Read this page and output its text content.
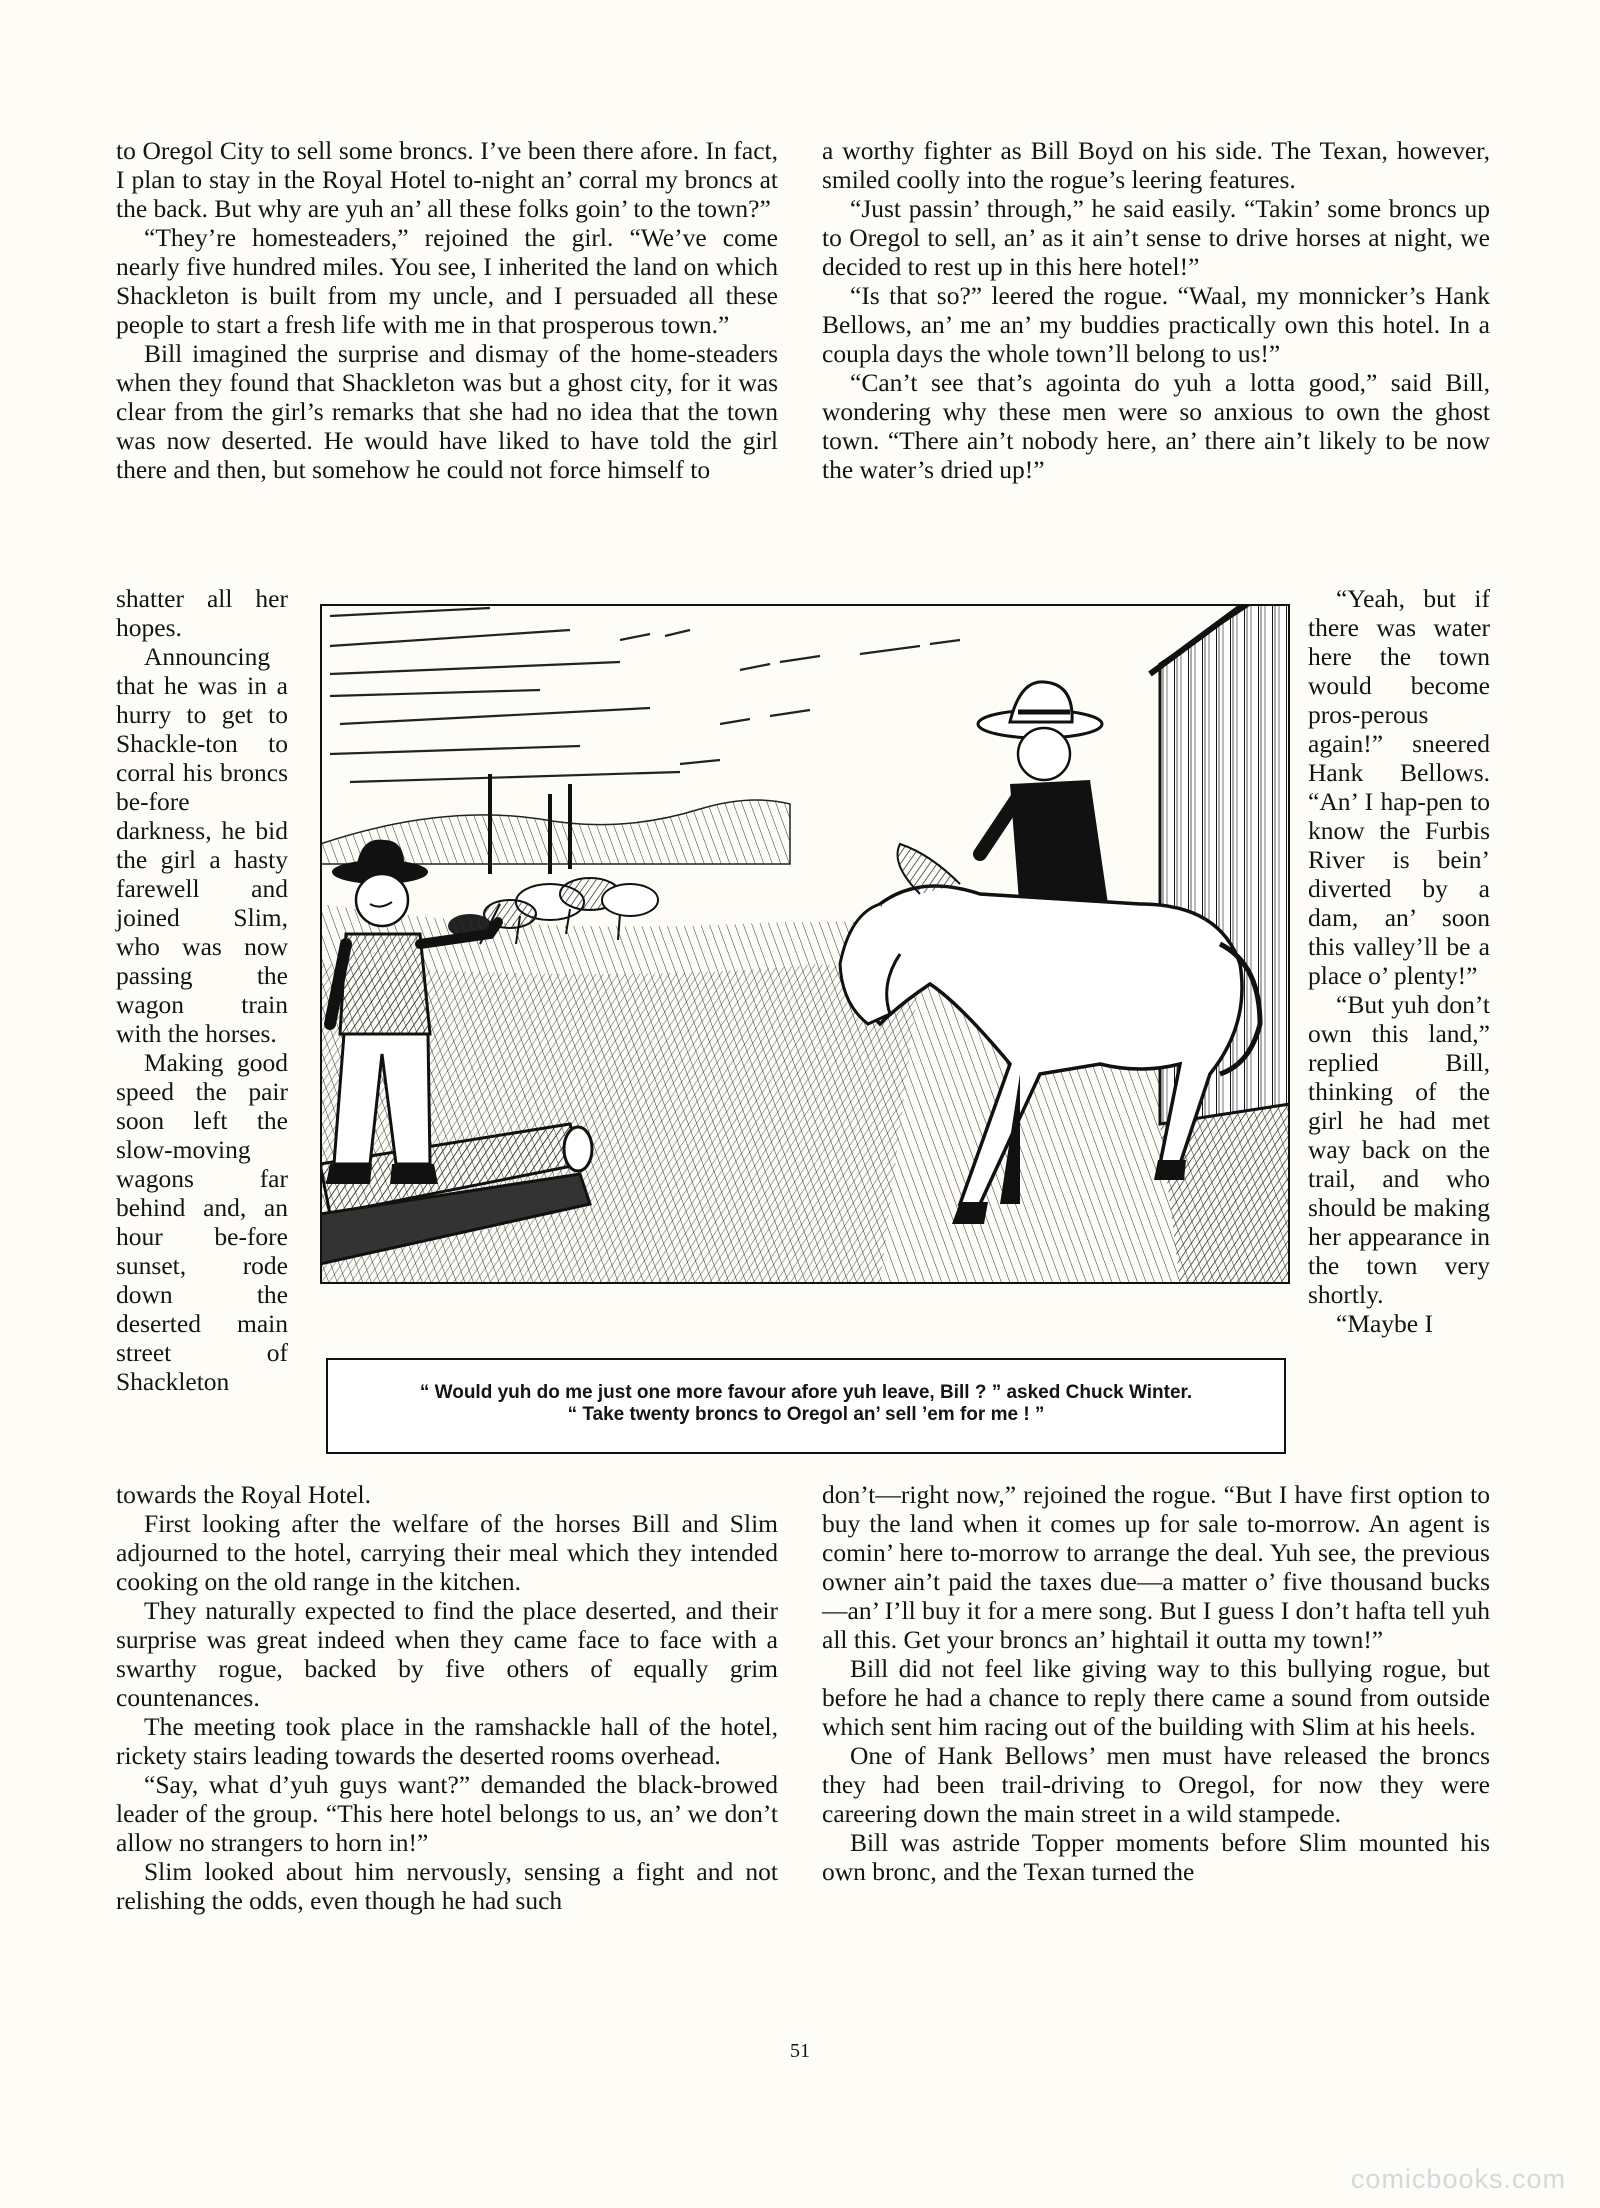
to Oregol City to sell some broncs. I’ve been there afore. In fact, I plan to stay in the Royal Hotel to-night an’ corral my broncs at the back. But why are yuh an’ all these folks goin’ to the town?”

“They’re homesteaders,” rejoined the girl. “We’ve come nearly five hundred miles. You see, I inherited the land on which Shackleton is built from my uncle, and I persuaded all these people to start a fresh life with me in that prosperous town.”

Bill imagined the surprise and dismay of the home-steaders when they found that Shackleton was but a ghost city, for it was clear from the girl’s remarks that she had no idea that the town was now deserted. He would have liked to have told the girl there and then, but somehow he could not force himself to

a worthy fighter as Bill Boyd on his side. The Texan, however, smiled coolly into the rogue’s leering features.

“Just passin’ through,” he said easily. “Takin’ some broncs up to Oregol to sell, an’ as it ain’t sense to drive horses at night, we decided to rest up in this here hotel!”

“Is that so?” leered the rogue. “Waal, my monnicker’s Hank Bellows, an’ me an’ my buddies practically own this hotel. In a coupla days the whole town’ll belong to us!”

“Can’t see that’s agointa do yuh a lotta good,” said Bill, wondering why these men were so anxious to own the ghost town. “There ain’t nobody here, an’ there ain’t likely to be now the water’s dried up!”

shatter all her hopes.

Announcing that he was in a hurry to get to Shackle-ton to corral his broncs be-fore darkness, he bid the girl a hasty farewell and joined Slim, who was now passing the wagon train with the horses.

Making good speed the pair soon left the slow-moving wagons far behind and, an hour be-fore sunset, rode down the deserted main street of Shackleton

“Yeah, but if there was water here the town would become pros-perous again!” sneered Hank Bellows. “An’ I hap-pen to know the Furbis River is bein’ diverted by a dam, an’ soon this valley’ll be a place o’ plenty!”

“But yuh don’t own this land,” replied Bill, thinking of the girl he had met way back on the trail, and who should be making her appearance in the town very shortly.

“Maybe I

“ Would yuh do me just one more favour afore yuh leave, Bill ? ” asked Chuck Winter.
“ Take twenty broncs to Oregol an’ sell ’em for me ! ”

towards the Royal Hotel.

First looking after the welfare of the horses Bill and Slim adjourned to the hotel, carrying their meal which they intended cooking on the old range in the kitchen.

They naturally expected to find the place deserted, and their surprise was great indeed when they came face to face with a swarthy rogue, backed by five others of equally grim countenances.

The meeting took place in the ramshackle hall of the hotel, rickety stairs leading towards the deserted rooms overhead.

“Say, what d’yuh guys want?” demanded the black-browed leader of the group. “This here hotel belongs to us, an’ we don’t allow no strangers to horn in!”

Slim looked about him nervously, sensing a fight and not relishing the odds, even though he had such

don’t—right now,” rejoined the rogue. “But I have first option to buy the land when it comes up for sale to-morrow. An agent is comin’ here to-morrow to arrange the deal. Yuh see, the previous owner ain’t paid the taxes due—a matter o’ five thousand bucks—an’ I’ll buy it for a mere song. But I guess I don’t hafta tell yuh all this. Get your broncs an’ hightail it outta my town!”

Bill did not feel like giving way to this bullying rogue, but before he had a chance to reply there came a sound from outside which sent him racing out of the building with Slim at his heels.

One of Hank Bellows’ men must have released the broncs they had been trail-driving to Oregol, for now they were careering down the main street in a wild stampede.

Bill was astride Topper moments before Slim mounted his own bronc, and the Texan turned the

51
comicbooks.com
